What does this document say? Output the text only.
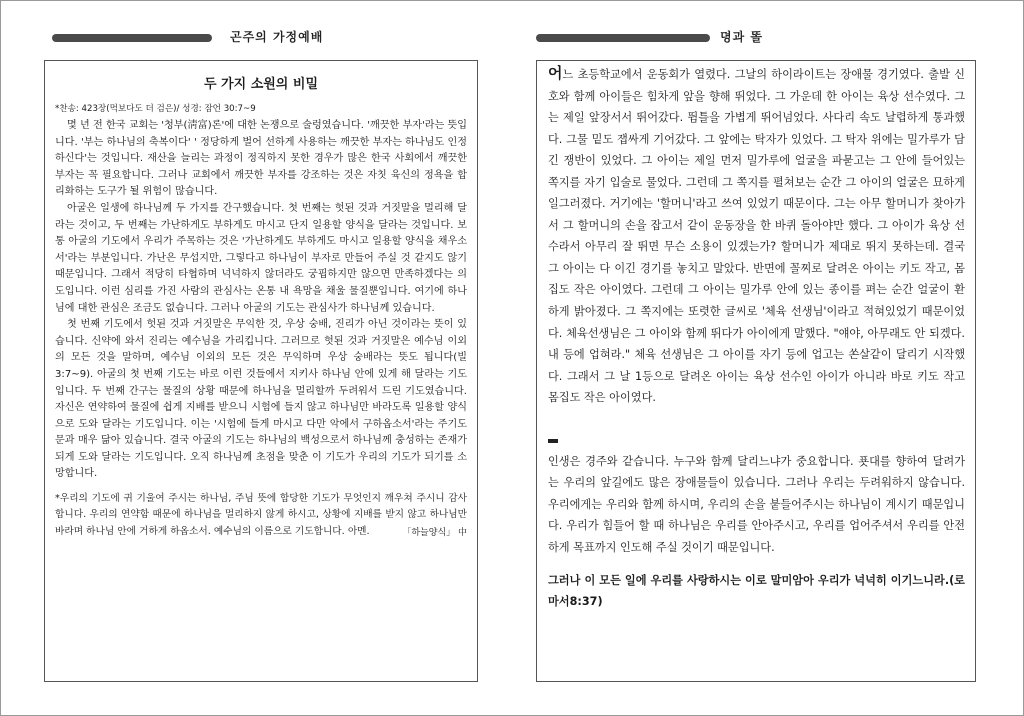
곤주의 가정예배	뎡과 똘
두 가지 소원의 비밀
*찬송: 423장(먹보다도 더 검은)/ 성경: 잠언 30:7~9

몇 년 전 한국 교회는 '청부(淸富)론'에 대한 논쟁으로 술렁였습니다. '깨끗한 부자'라는 뜻입니다. '부는 하나님의 축복이다' ' 정당하게 벌어 선하게 사용하는 깨끗한 부자는 하나님도 인정하신다'는 것입니다. 재산을 늘리는 과정이 정직하지 못한 경우가 많은 한국 사회에서 깨끗한 부자는 꼭 필요합니다. 그러나 교회에서 깨끗한 부자를 강조하는 것은 자칫 육신의 정욕을 합리화하는 도구가 될 위험이 많습니다.

아굴은 일생에 하나님께 두 가지를 간구했습니다. 첫 번째는 헛된 것과 거짓말을 멀리해 달라는 것이고, 두 번째는 가난하게도 부하게도 마시고 단지 일용할 양식을 달라는 것입니다. 보통 아굴의 기도에서 우리가 주목하는 것은 '가난하게도 부하게도 마시고 일용할 양식을 채우소서'라는 부분입니다. 가난은 무섭지만, 그렇다고 하나님이 부자로 만들어 주실 것 같지도 않기 때문입니다. 그래서 적당히 타협하며 넉넉하지 않더라도 궁핍하지만 않으면 만족하겠다는 의도입니다. 이런 심리를 가진 사람의 관심사는 온통 내 욕망을 채울 물질뿐입니다. 여기에 하나님에 대한 관심은 조금도 없습니다. 그러나 아굴의 기도는 관심사가 하나님께 있습니다.

첫 번째 기도에서 헛된 것과 거짓말은 무익한 것, 우상 숭배, 진리가 아닌 것이라는 뜻이 있습니다. 신약에 와서 진리는 예수님을 가리킵니다. 그러므로 헛된 것과 거짓말은 예수님 이외의 모든 것을 말하며, 예수님 이외의 모든 것은 무익하며 우상 숭배라는 뜻도 됩니다(빌 3:7~9). 아굴의 첫 번째 기도는 바로 이런 것들에서 지키사 하나님 안에 있게 해 달라는 기도입니다. 두 번째 간구는 물질의 상황 때문에 하나님을 멀리할까 두려워서 드린 기도였습니다. 자신은 연약하여 물질에 쉽게 지배를 받으니 시험에 들지 않고 하나님만 바라도록 일용할 양식으로 도와 달라는 기도입니다. 이는 '시험에 들게 마시고 다만 악에서 구하옵소서'라는 주기도문과 매우 닮아 있습니다. 결국 아굴의 기도는 하나님의 백성으로서 하나님께 충성하는 존재가 되게 도와 달라는 기도입니다. 오직 하나님께 초점을 맞춘 이 기도가 우리의 기도가 되기를 소망합니다.

*우리의 기도에 귀 기울여 주시는 하나님, 주님 뜻에 합당한 기도가 무엇인지 깨우쳐 주시니 감사합니다. 우리의 연약함 때문에 하나님을 멀리하지 않게 하시고, 상황에 지배를 받지 않고 하나님만 바라며 하나님 안에 거하게 하옵소서. 예수님의 이름으로 기도합니다. 아멘.	「하늘양식」 中

어느 초등학교에서 운동회가 열렸다. 그날의 하이라이트는 장애물 경기였다. 출발 신호와 함께 아이들은 힘차게 앞을 향해 뛰었다. 그 가운데 한 아이는 육상 선수였다. 그는 제일 앞장서서 뛰어갔다. 뜀틀을 가볍게 뛰어넘었다. 사다리 속도 날렵하게 통과했다. 그물 밑도 잽싸게 기어갔다. 그 앞에는 탁자가 있었다. 그 탁자 위에는 밀가루가 담긴 쟁반이 있었다. 그 아이는 제일 먼저 밀가루에 얼굴을 파묻고는 그 안에 들어있는 쪽지를 자기 입술로 물었다. 그런데 그 쪽지를 펼쳐보는 순간 그 아이의 얼굴은 묘하게 일그러졌다. 거기에는 '할머니'라고 쓰여 있었기 때문이다. 그는 아무 할머니가 찾아가서 그 할머니의 손을 잡고서 같이 운동장을 한 바퀴 돌아야만 했다. 그 아이가 육상 선수라서 아무리 잘 뛰면 무슨 소용이 있겠는가? 할머니가 제대로 뛰지 못하는데. 결국 그 아이는 다 이긴 경기를 놓치고 말았다. 반면에 꼴찌로 달려온 아이는 키도 작고, 몸집도 작은 아이였다. 그런데 그 아이는 밀가루 안에 있는 종이를 펴는 순간 얼굴이 환하게 밝아졌다. 그 쪽지에는 또렷한 글씨로 '체육 선생님'이라고 적혀있었기 때문이었다. 체육선생님은 그 아이와 함께 뛰다가 아이에게 말했다. "얘야, 아무래도 안 되겠다. 내 등에 업혀라." 체육 선생님은 그 아이를 자기 등에 업고는 쏜살같이 달리기 시작했다. 그래서 그 날 1등으로 달려온 아이는 육상 선수인 아이가 아니라 바로 키도 작고 몸집도 작은 아이였다.

인생은 경주와 같습니다. 누구와 함께 달리느냐가 중요합니다. 푯대를 향하여 달려가는 우리의 앞길에도 많은 장애물들이 있습니다. 그러나 우리는 두려워하지 않습니다. 우리에게는 우리와 함께 하시며, 우리의 손을 붙들어주시는 하나님이 계시기 때문입니다. 우리가 힘들어 할 때 하나님은 우리를 안아주시고, 우리를 업어주셔서 우리를 안전하게 목표까지 인도해 주실 것이기 때문입니다.

그러나 이 모든 일에 우리를 사랑하시는 이로 말미암아 우리가 넉넉히 이기느니라.(로마서8:37)
